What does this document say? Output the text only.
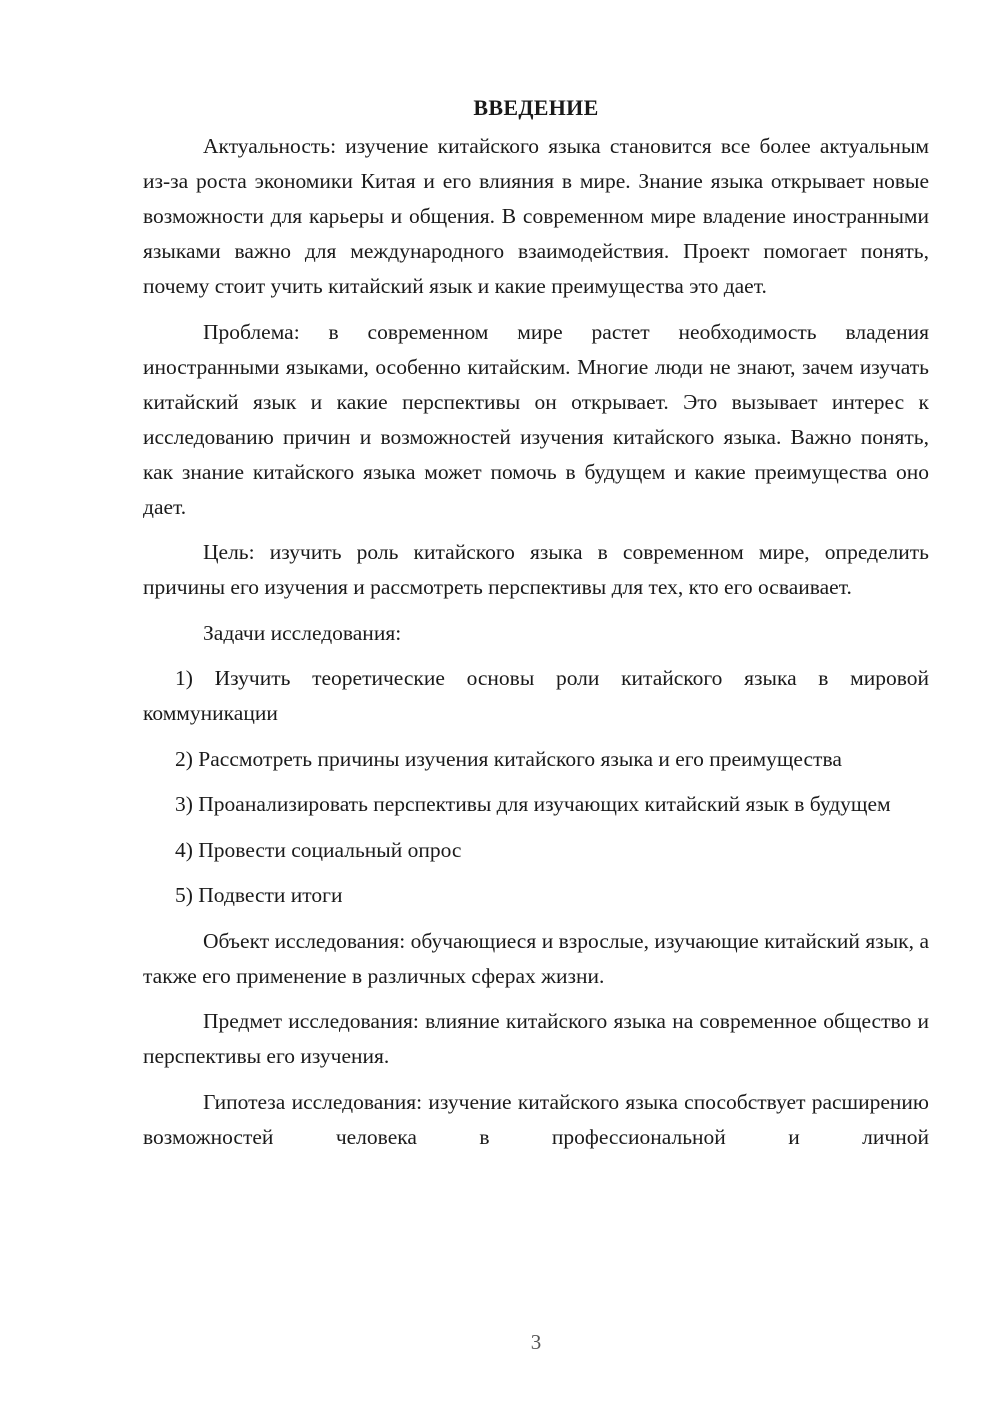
ВВЕДЕНИЕ

Актуальность: изучение китайского языка становится все более актуальным из-за роста экономики Китая и его влияния в мире. Знание языка открывает новые возможности для карьеры и общения. В современном мире владение иностранными языками важно для международного взаимодействия. Проект помогает понять, почему стоит учить китайский язык и какие преимущества это дает.

Проблема: в современном мире растет необходимость владения иностранными языками, особенно китайским. Многие люди не знают, зачем изучать китайский язык и какие перспективы он открывает. Это вызывает интерес к исследованию причин и возможностей изучения китайского языка. Важно понять, как знание китайского языка может помочь в будущем и какие преимущества оно дает.

Цель: изучить роль китайского языка в современном мире, определить причины его изучения и рассмотреть перспективы для тех, кто его осваивает.

Задачи исследования:

1) Изучить теоретические основы роли китайского языка в мировой коммуникации

2) Рассмотреть причины изучения китайского языка и его преимущества

3) Проанализировать перспективы для изучающих китайский язык в будущем

4) Провести социальный опрос

5) Подвести итоги

Объект исследования: обучающиеся и взрослые, изучающие китайский язык, а также его применение в различных сферах жизни.

Предмет исследования: влияние китайского языка на современное общество и перспективы его изучения.

Гипотеза исследования: изучение китайского языка способствует расширению возможностей человека в профессиональной и личной

3
